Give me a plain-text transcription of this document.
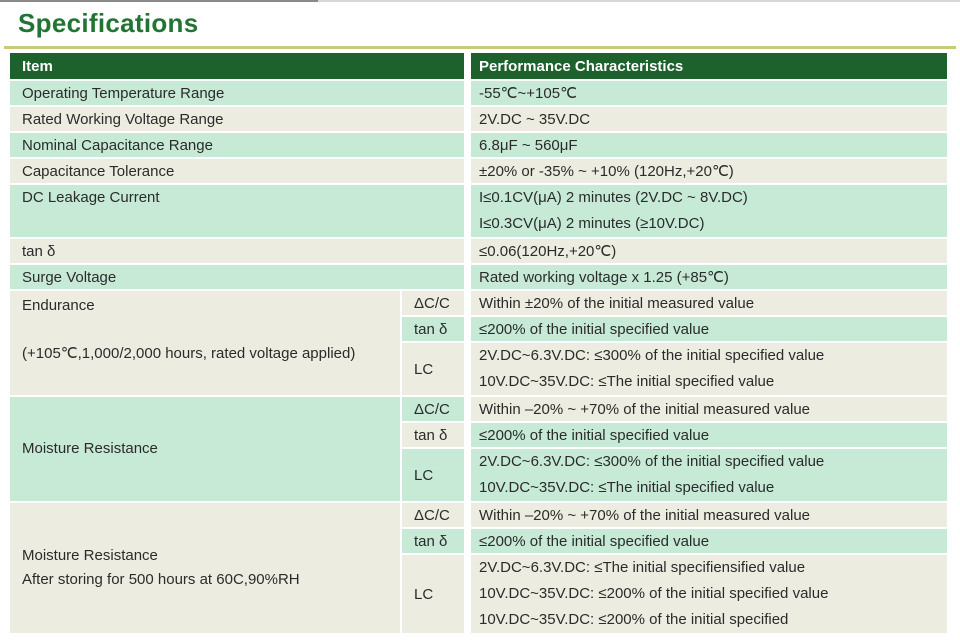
Specifications
Item		Performance Characteristics
Operating Temperature Range		-55℃~+105℃
Rated Working Voltage Range		2V.DC ~ 35V.DC
Nominal Capacitance Range		6.8μF ~ 560μF
Capacitance Tolerance		±20% or -35% ~ +10% (120Hz,+20℃)
DC Leakage Current		I≤0.1CV(μA) 2 minutes (2V.DC ~ 8V.DC)
I≤0.3CV(μA) 2 minutes (≥10V.DC)

tan δ		≤0.06(120Hz,+20℃)
Surge Voltage		Rated working voltage x 1.25 (+85℃)

Endurance
(+105℃,1,000/2,000 hours, rated voltage applied)	ΔC/C	Within ±20% of the initial measured value
	tan δ	≤200% of the initial specified value
	LC	2V.DC~6.3V.DC: ≤300% of the initial specified value
10V.DC~35V.DC: ≤The initial specified value

Moisture Resistance	ΔC/C	Within –20% ~ +70% of the initial measured value
	tan δ	≤200% of the initial specified value
	LC	2V.DC~6.3V.DC: ≤300% of the initial specified value
10V.DC~35V.DC: ≤The initial specified value

Moisture Resistance
After storing for 500 hours at 60C,90%RH	ΔC/C	Within –20% ~ +70% of the initial measured value
	tan δ	≤200% of the initial specified value
	LC	2V.DC~6.3V.DC: ≤The initial specifiensified value
10V.DC~35V.DC: ≤200% of the initial specified value
10V.DC~35V.DC: ≤200% of the initial specified
